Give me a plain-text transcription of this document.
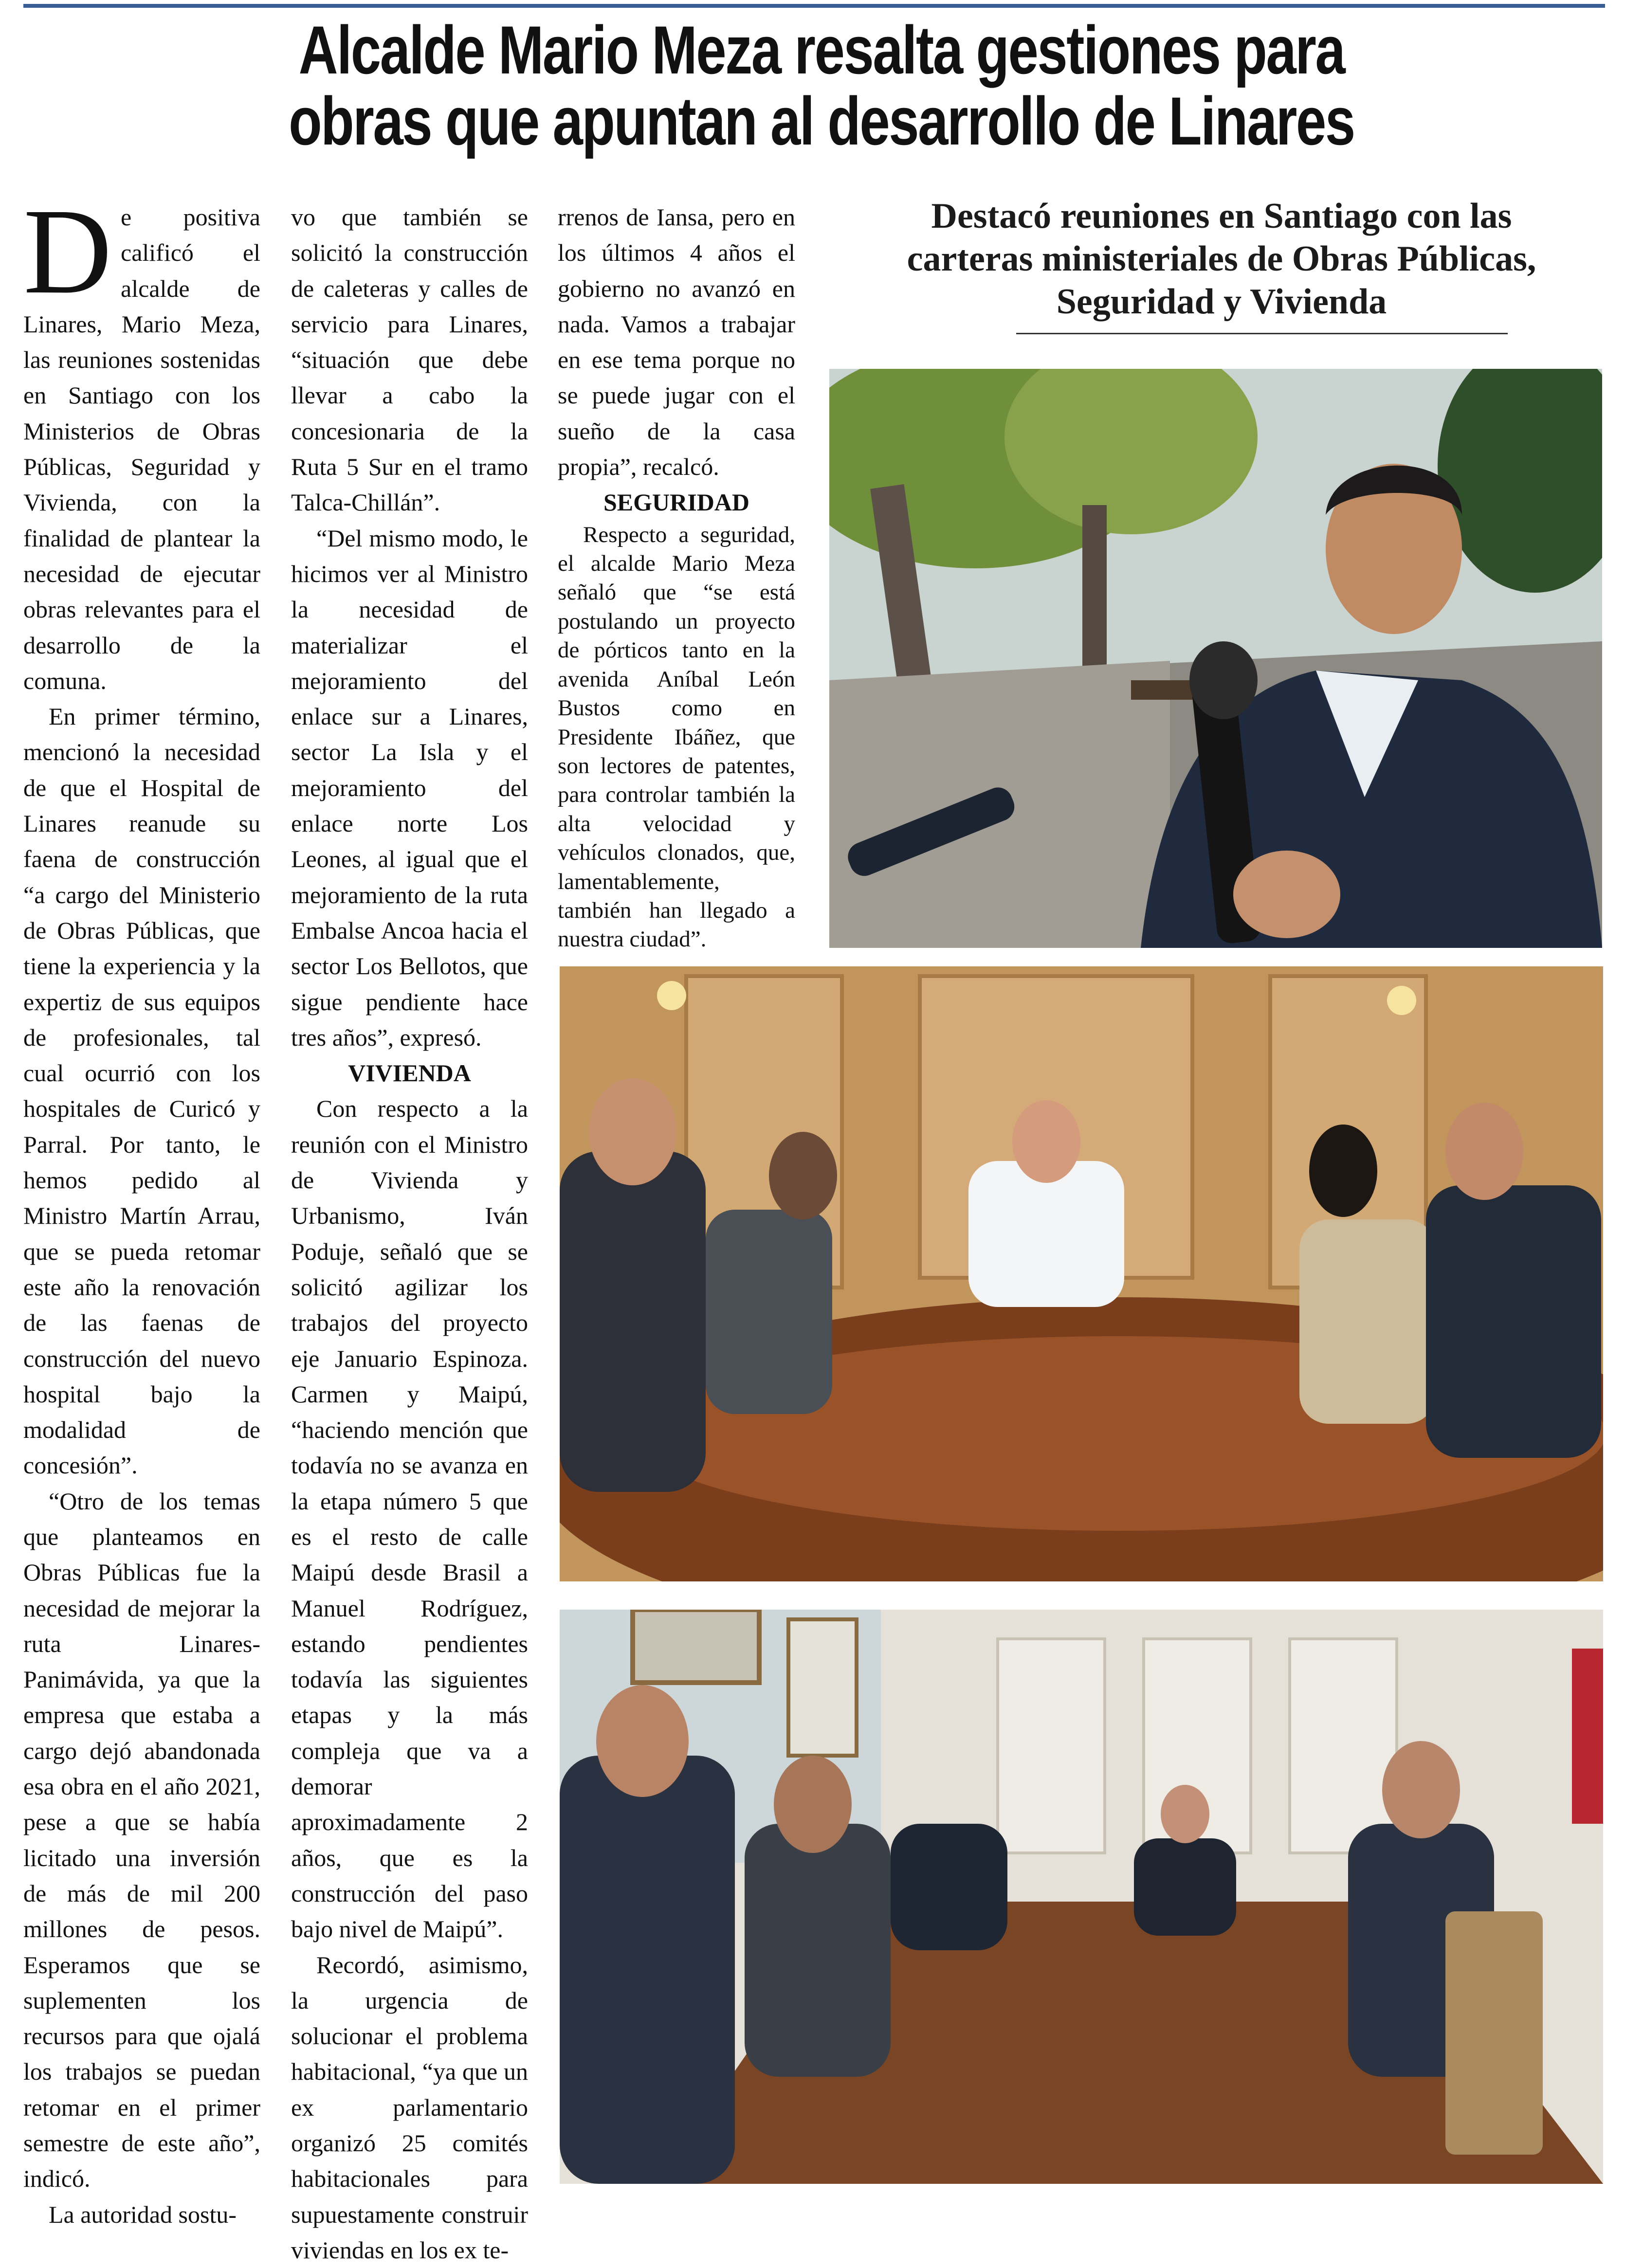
Alcalde Mario Meza resalta gestiones para
obras que apuntan al desarrollo de Linares

De positiva calificó el alcalde de Linares, Mario Meza, las reuniones sostenidas en Santiago con los Ministerios de Obras Públicas, Seguridad y Vivienda, con la finalidad de plantear la necesidad de ejecutar obras relevantes para el desarrollo de la comuna.

En primer término, mencionó la necesidad de que el Hospital de Linares reanude su faena de construcción “a cargo del Ministerio de Obras Públicas, que tiene la experiencia y la expertiz de sus equipos de profesionales, tal cual ocurrió con los hospitales de Curicó y Parral. Por tanto, le hemos pedido al Ministro Martín Arrau, que se pueda retomar este año la renovación de las faenas de construcción del nuevo hospital bajo la modalidad de concesión”.

“Otro de los temas que planteamos en Obras Públicas fue la necesidad de mejorar la ruta Linares- Panimávida, ya que la empresa que estaba a cargo dejó abandonada esa obra en el año 2021, pese a que se había licitado una inversión de más de mil 200 millones de pesos. Esperamos que se suplementen los recursos para que ojalá los trabajos se puedan retomar en el primer semestre de este año”, indicó.

La autoridad sostu-

vo que también se solicitó la construcción de caleteras y calles de servicio para Linares, “situación que debe llevar a cabo la concesionaria de la Ruta 5 Sur en el tramo Talca-Chillán”.

“Del mismo modo, le hicimos ver al Ministro la necesidad de materializar el mejoramiento del enlace sur a Linares, sector La Isla y el mejoramiento del enlace norte Los Leones, al igual que el mejoramiento de la ruta Embalse Ancoa hacia el sector Los Bellotos, que sigue pendiente hace tres años”, expresó.

VIVIENDA

Con respecto a la reunión con el Ministro de Vivienda y Urbanismo, Iván Poduje, señaló que se solicitó agilizar los trabajos del proyecto eje Januario Espinoza. Carmen y Maipú, “haciendo mención que todavía no se avanza en la etapa número 5 que es el resto de calle Maipú desde Brasil a Manuel Rodríguez, estando pendientes todavía las siguientes etapas y la más compleja que va a demorar aproximadamente 2 años, que es la construcción del paso bajo nivel de Maipú”.

Recordó, asimismo, la urgencia de solucionar el problema habitacional, “ya que un ex parlamentario organizó 25 comités habitacionales para supuestamente construir viviendas en los ex te-

rrenos de Iansa, pero en los últimos 4 años el gobierno no avanzó en nada. Vamos a trabajar en ese tema porque no se puede jugar con el sueño de la casa propia”, recalcó.

SEGURIDAD

Respecto a seguridad, el alcalde Mario Meza señaló que “se está postulando un proyecto de pórticos tanto en la avenida Aníbal León Bustos como en Presidente Ibáñez, que son lectores de patentes, para controlar también la alta velocidad y vehículos clonados, que, lamentablemente, también han llegado a nuestra ciudad”.

Destacó reuniones en Santiago con las
carteras ministeriales de Obras Públicas,
Seguridad y Vivienda
